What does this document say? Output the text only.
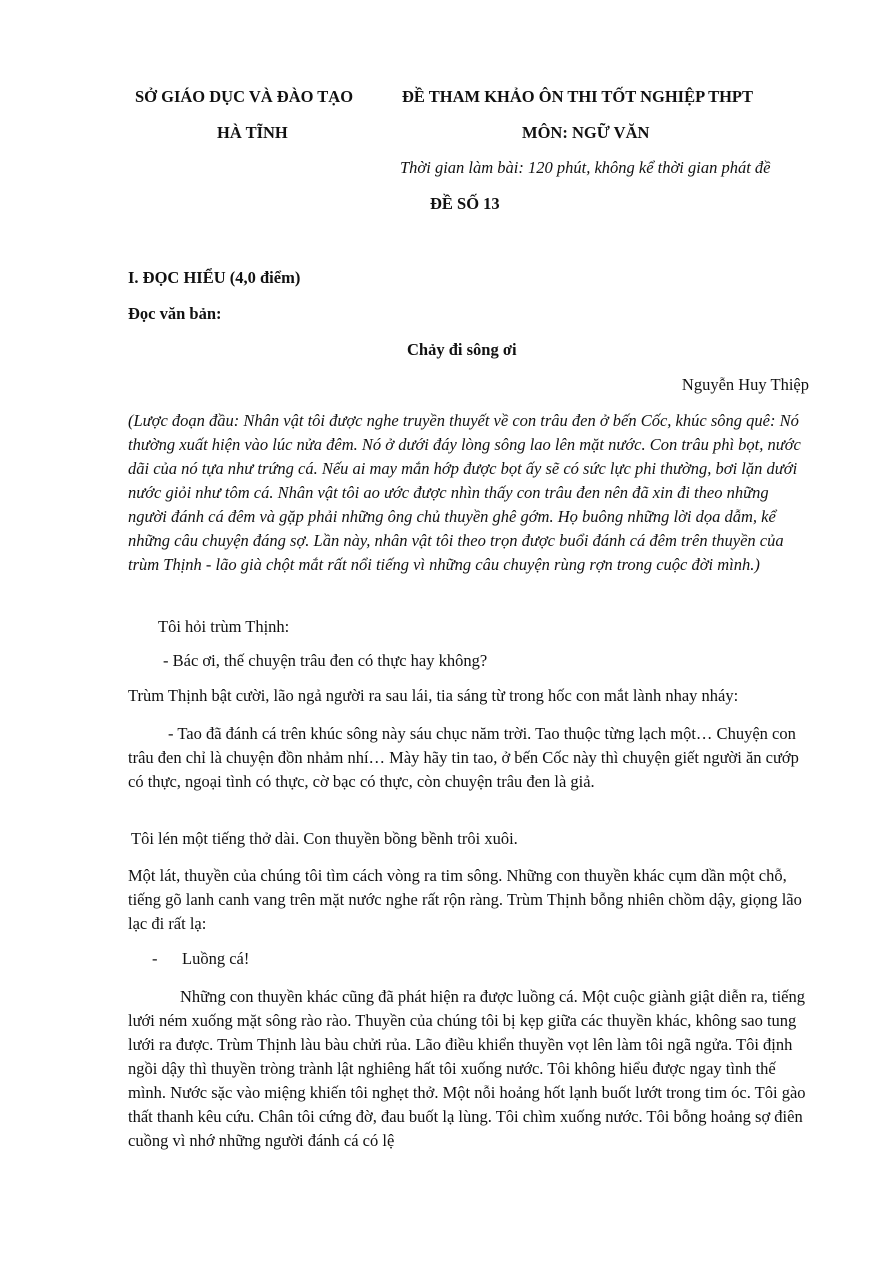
SỞ GIÁO DỤC VÀ ĐÀO TẠO	ĐỀ THAM KHẢO ÔN THI TỐT NGHIỆP THPT
HÀ TĨNH	MÔN: NGỮ VĂN
Thời gian làm bài: 120 phút, không kể thời gian phát đề
ĐỀ SỐ 13
I. ĐỌC HIỂU (4,0 điểm)
Đọc văn bản:
Chảy đi sông ơi
Nguyễn Huy Thiệp
(Lược đoạn đầu: Nhân vật tôi được nghe truyền thuyết về con trâu đen ở bến Cốc, khúc sông quê: Nó thường xuất hiện vào lúc nửa đêm. Nó ở dưới đáy lòng sông lao lên mặt nước. Con trâu phì bọt, nước dãi của nó tựa như trứng cá. Nếu ai may mắn hớp được bọt ấy sẽ có sức lực phi thường, bơi lặn dưới nước giỏi như tôm cá. Nhân vật tôi ao ước được nhìn thấy con trâu đen nên đã xin đi theo những người đánh cá đêm và gặp phải những ông chủ thuyền ghê gớm. Họ buông những lời dọa dẫm, kể những câu chuyện đáng sợ. Lần này, nhân vật tôi theo trọn được buổi đánh cá đêm trên thuyền của trùm Thịnh - lão già chột mắt rất nổi tiếng vì những câu chuyện rùng rợn trong cuộc đời mình.)
Tôi hỏi trùm Thịnh:
- Bác ơi, thế chuyện trâu đen có thực hay không?
Trùm Thịnh bật cười, lão ngả người ra sau lái, tia sáng từ trong hốc con mắt lành nhay nháy:
- Tao đã đánh cá trên khúc sông này sáu chục năm trời. Tao thuộc từng lạch một… Chuyện con trâu đen chỉ là chuyện đồn nhảm nhí… Mày hãy tin tao, ở bến Cốc này thì chuyện giết người ăn cướp có thực, ngoại tình có thực, cờ bạc có thực, còn chuyện trâu đen là giả.
Tôi lén một tiếng thở dài. Con thuyền bồng bềnh trôi xuôi.
Một lát, thuyền của chúng tôi tìm cách vòng ra tim sông. Những con thuyền khác cụm dần một chỗ, tiếng gõ lanh canh vang trên mặt nước nghe rất rộn ràng. Trùm Thịnh bỗng nhiên chồm dậy, giọng lão lạc đi rất lạ:
- Luồng cá!
Những con thuyền khác cũng đã phát hiện ra được luồng cá. Một cuộc giành giật diễn ra, tiếng lưới ném xuống mặt sông rào rào. Thuyền của chúng tôi bị kẹp giữa các thuyền khác, không sao tung lưới ra được. Trùm Thịnh làu bàu chửi rủa. Lão điều khiển thuyền vọt lên làm tôi ngã ngửa. Tôi định ngồi dậy thì thuyền tròng trành lật nghiêng hất tôi xuống nước. Tôi không hiểu được ngay tình thế mình. Nước sặc vào miệng khiến tôi nghẹt thở. Một nỗi hoảng hốt lạnh buốt lướt trong tim óc. Tôi gào thất thanh kêu cứu. Chân tôi cứng đờ, đau buốt lạ lùng. Tôi chìm xuống nước. Tôi bỗng hoảng sợ điên cuồng vì nhớ những người đánh cá có lệ
